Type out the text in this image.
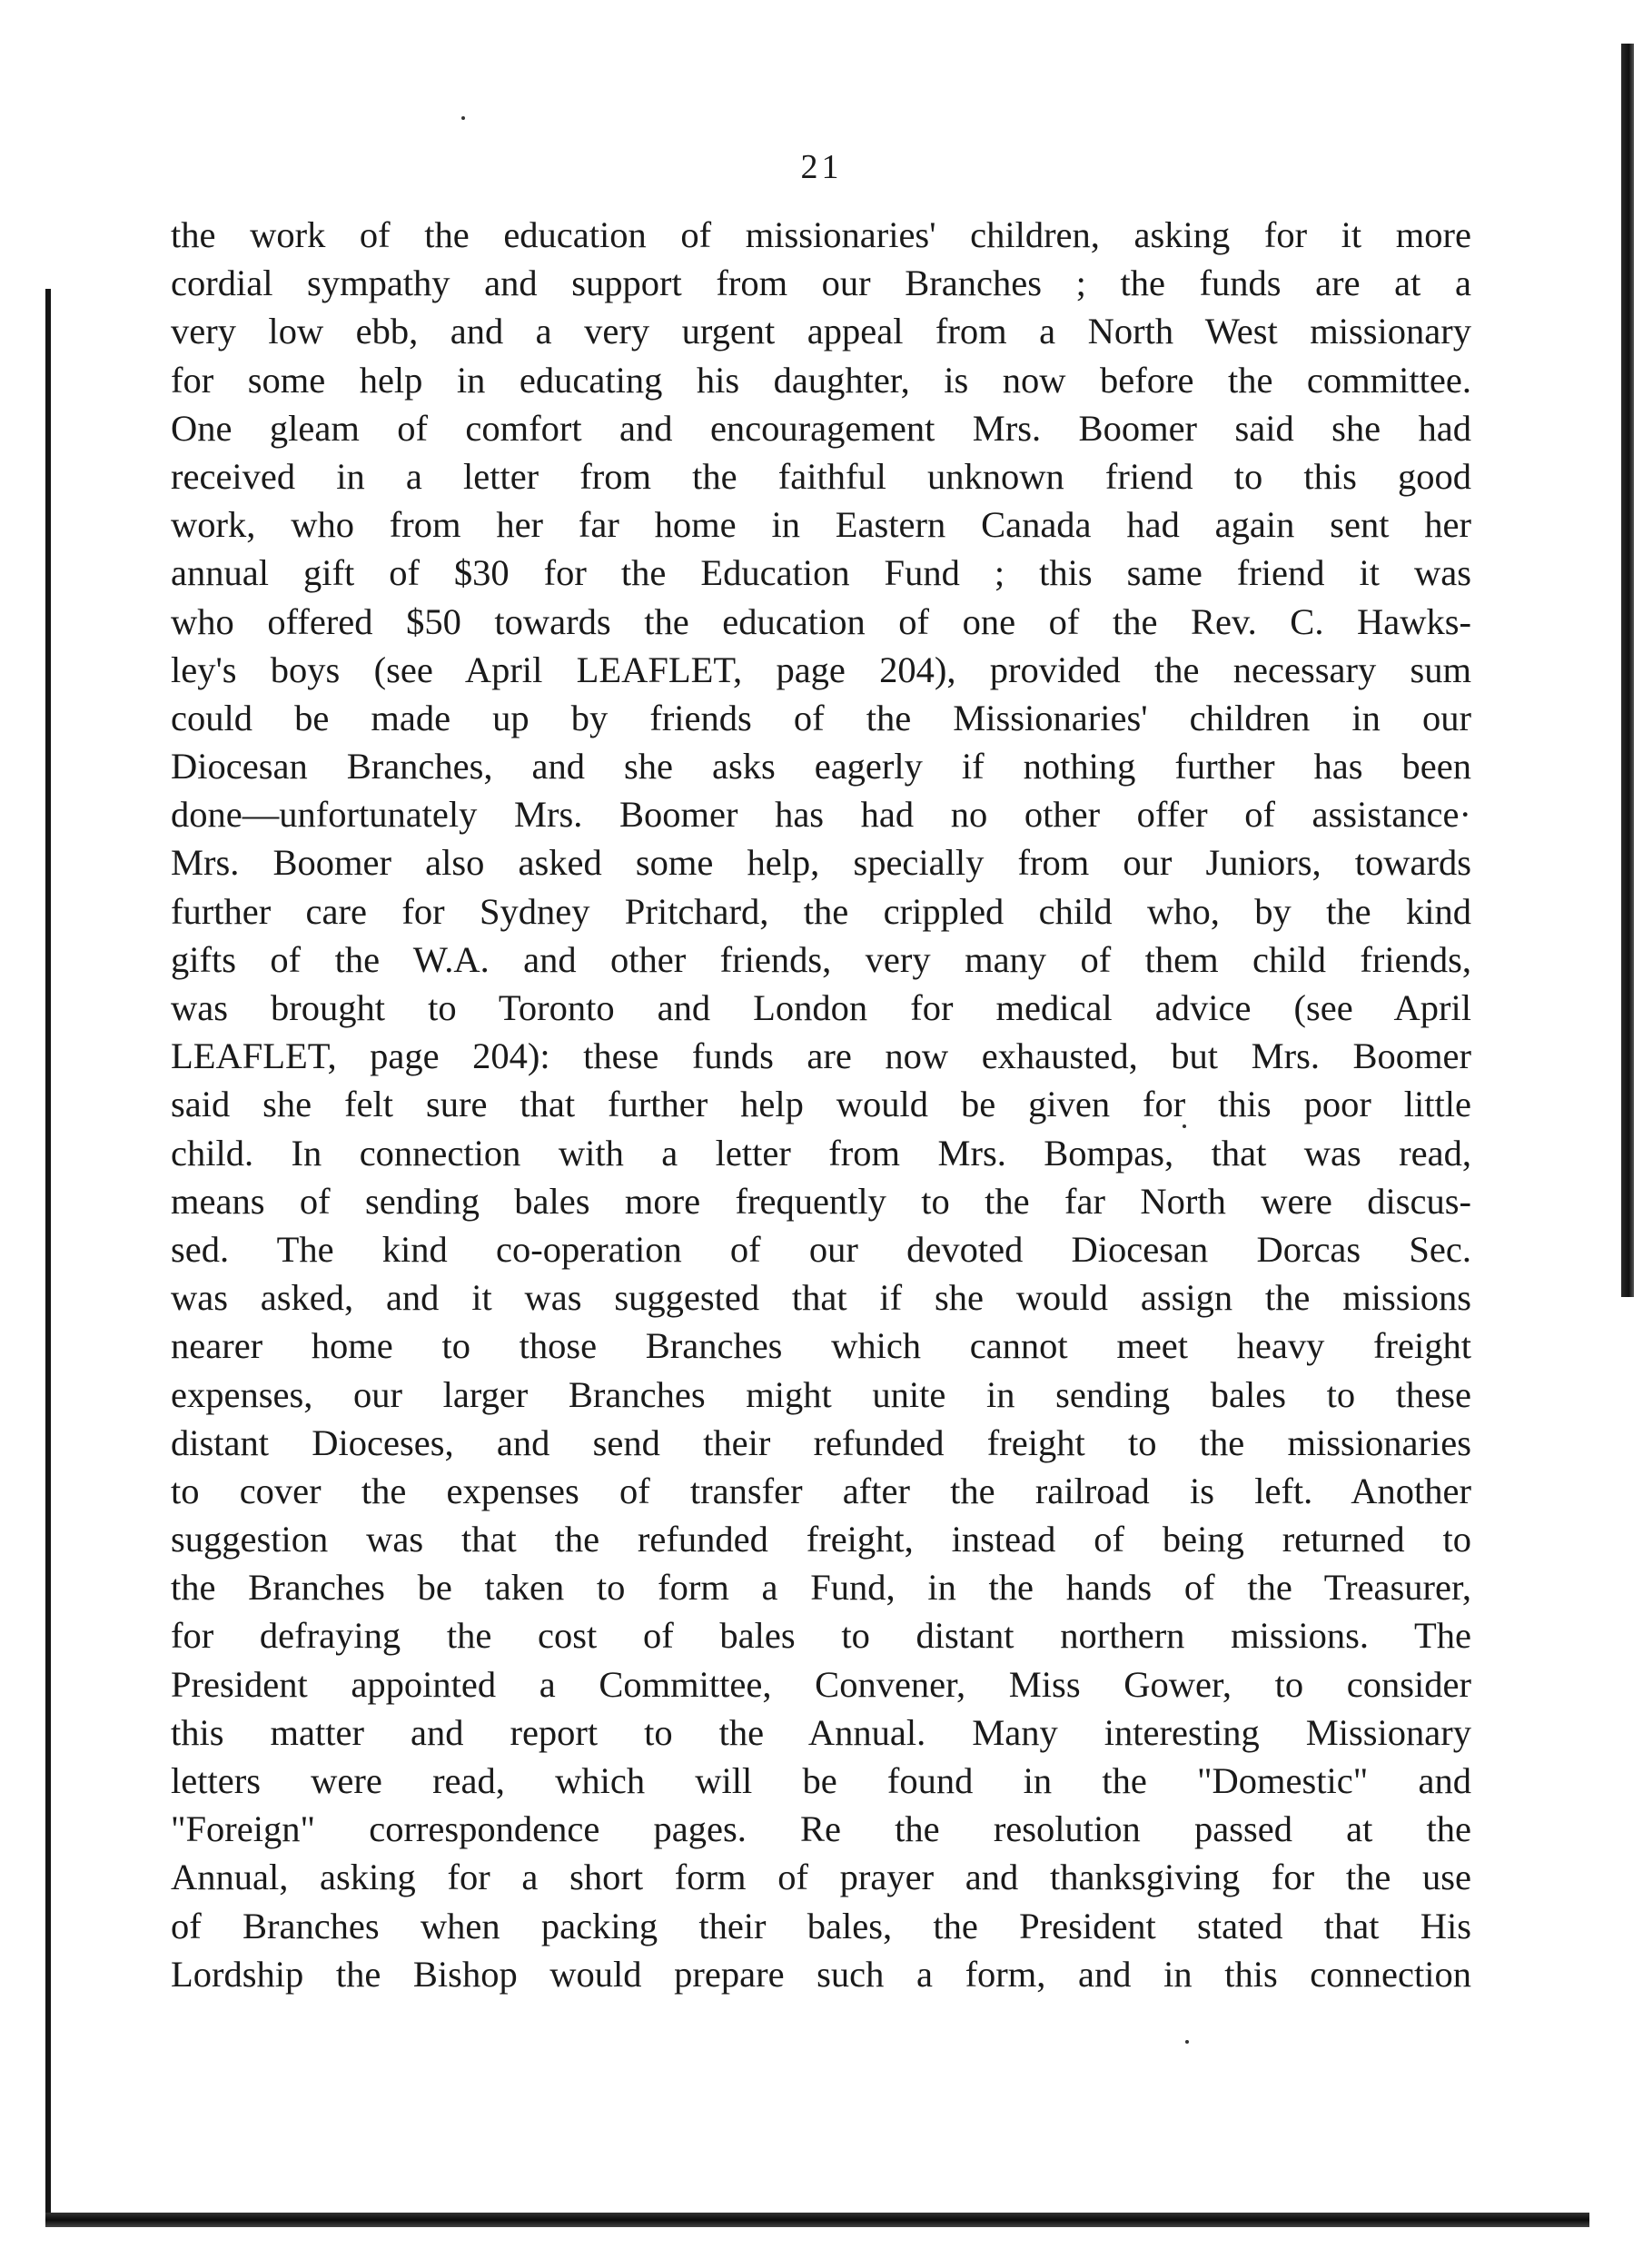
21
the work of the education of missionaries' children, asking for it more
cordial sympathy and support from our Branches ; the funds are at a
very low ebb, and a very urgent appeal from a North West missionary
for some help in educating his daughter, is now before the committee.
One gleam of comfort and encouragement Mrs. Boomer said she had
received in a letter from the faithful unknown friend to this good
work, who from her far home in Eastern Canada had again sent her
annual gift of $30 for the Education Fund ; this same friend it was
who offered $50 towards the education of one of the Rev. C. Hawks-
ley's boys (see April LEAFLET, page 204), provided the necessary sum
could be made up by friends of the Missionaries' children in our
Diocesan Branches, and she asks eagerly if nothing further has been
done—unfortunately Mrs. Boomer has had no other offer of assistance·
Mrs. Boomer also asked some help, specially from our Juniors, towards
further care for Sydney Pritchard, the crippled child who, by the kind
gifts of the W.A. and other friends, very many of them child friends,
was brought to Toronto and London for medical advice (see April
LEAFLET, page 204): these funds are now exhausted, but Mrs. Boomer
said she felt sure that further help would be given for this poor little
child. In connection with a letter from Mrs. Bompas, that was read,
means of sending bales more frequently to the far North were discus-
sed. The kind co-operation of our devoted Diocesan Dorcas Sec.
was asked, and it was suggested that if she would assign the missions
nearer home to those Branches which cannot meet heavy freight
expenses, our larger Branches might unite in sending bales to these
distant Dioceses, and send their refunded freight to the missionaries
to cover the expenses of transfer after the railroad is left. Another
suggestion was that the refunded freight, instead of being returned to
the Branches be taken to form a Fund, in the hands of the Treasurer,
for defraying the cost of bales to distant northern missions. The
President appointed a Committee, Convener, Miss Gower, to consider
this matter and report to the Annual. Many interesting Missionary
letters were read, which will be found in the "Domestic" and
"Foreign" correspondence pages. Re the resolution passed at the
Annual, asking for a short form of prayer and thanksgiving for the use
of Branches when packing their bales, the President stated that His
Lordship the Bishop would prepare such a form, and in this connection
